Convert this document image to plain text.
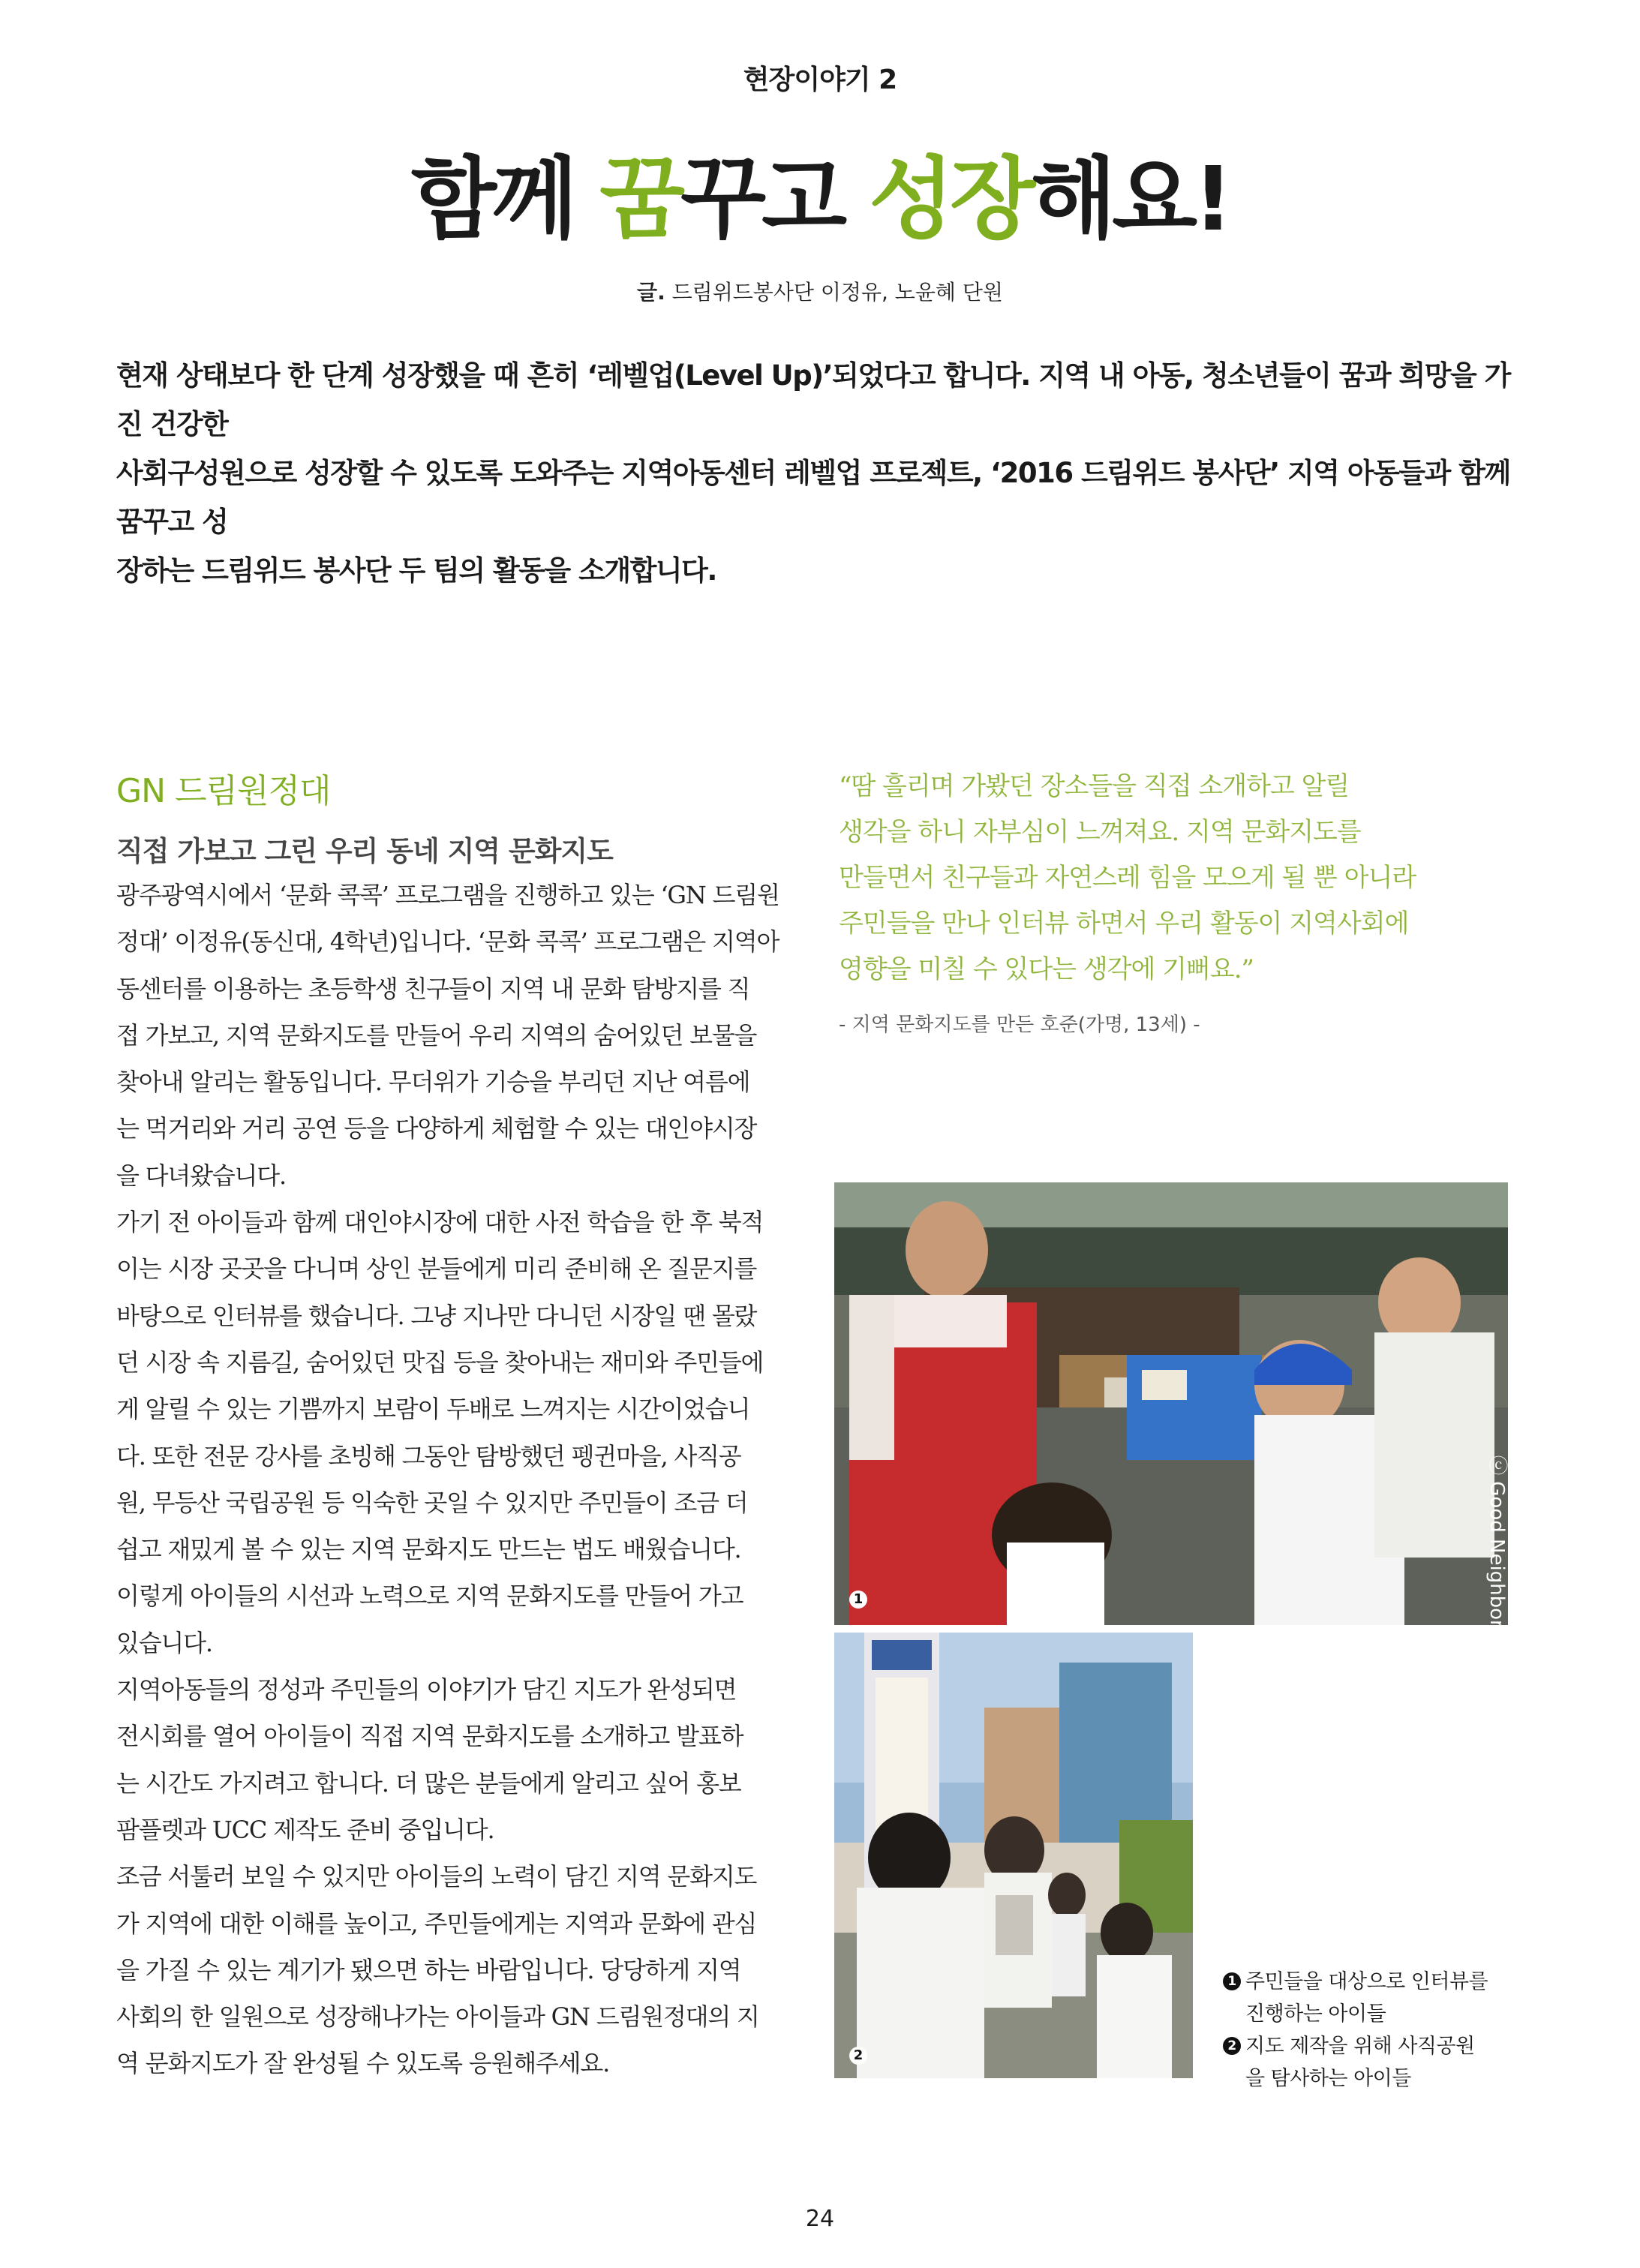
현장이야기 2
함께 꿈꾸고 성장해요!
글. 드림위드봉사단 이정유, 노윤혜 단원
현재 상태보다 한 단계 성장했을 때 흔히 ‘레벨업(Level Up)’되었다고 합니다. 지역 내 아동, 청소년들이 꿈과 희망을 가진 건강한
사회구성원으로 성장할 수 있도록 도와주는 지역아동센터 레벨업 프로젝트, ‘2016 드림위드 봉사단’ 지역 아동들과 함께 꿈꾸고 성
장하는 드림위드 봉사단 두 팀의 활동을 소개합니다.
GN 드림원정대
직접 가보고 그린 우리 동네 지역 문화지도
광주광역시에서 ‘문화 콕콕’ 프로그램을 진행하고 있는 ‘GN 드림원
정대’ 이정유(동신대, 4학년)입니다. ‘문화 콕콕’ 프로그램은 지역아
동센터를 이용하는 초등학생 친구들이 지역 내 문화 탐방지를 직
접 가보고, 지역 문화지도를 만들어 우리 지역의 숨어있던 보물을
찾아내 알리는 활동입니다. 무더위가 기승을 부리던 지난 여름에
는 먹거리와 거리 공연 등을 다양하게 체험할 수 있는 대인야시장
을 다녀왔습니다.
가기 전 아이들과 함께 대인야시장에 대한 사전 학습을 한 후 북적
이는 시장 곳곳을 다니며 상인 분들에게 미리 준비해 온 질문지를
바탕으로 인터뷰를 했습니다. 그냥 지나만 다니던 시장일 땐 몰랐
던 시장 속 지름길, 숨어있던 맛집 등을 찾아내는 재미와 주민들에
게 알릴 수 있는 기쁨까지 보람이 두배로 느껴지는 시간이었습니
다. 또한 전문 강사를 초빙해 그동안 탐방했던 펭귄마을, 사직공
원, 무등산 국립공원 등 익숙한 곳일 수 있지만 주민들이 조금 더
쉽고 재밌게 볼 수 있는 지역 문화지도 만드는 법도 배웠습니다.
이렇게 아이들의 시선과 노력으로 지역 문화지도를 만들어 가고
있습니다.
지역아동들의 정성과 주민들의 이야기가 담긴 지도가 완성되면
전시회를 열어 아이들이 직접 지역 문화지도를 소개하고 발표하
는 시간도 가지려고 합니다. 더 많은 분들에게 알리고 싶어 홍보
팜플렛과 UCC 제작도 준비 중입니다.
조금 서툴러 보일 수 있지만 아이들의 노력이 담긴 지역 문화지도
가 지역에 대한 이해를 높이고, 주민들에게는 지역과 문화에 관심
을 가질 수 있는 계기가 됐으면 하는 바람입니다. 당당하게 지역
사회의 한 일원으로 성장해나가는 아이들과 GN 드림원정대의 지
역 문화지도가 잘 완성될 수 있도록 응원해주세요.
“땀 흘리며 가봤던 장소들을 직접 소개하고 알릴
생각을 하니 자부심이 느껴져요. 지역 문화지도를
만들면서 친구들과 자연스레 힘을 모으게 될 뿐 아니라
주민들을 만나 인터뷰 하면서 우리 활동이 지역사회에
영향을 미칠 수 있다는 생각에 기뻐요.”
- 지역 문화지도를 만든 호준(가명, 13세) -
ⓒ Good Neighbors
1
2
1 주민들을 대상으로 인터뷰를
진행하는 아이들
2 지도 제작을 위해 사직공원
을 탐사하는 아이들
24
